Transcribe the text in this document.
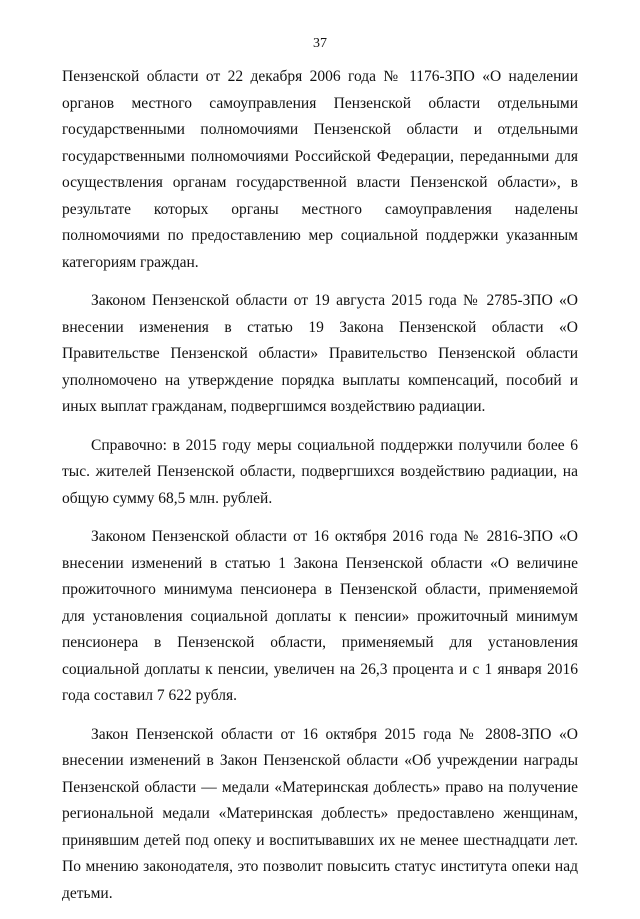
37

Пензенской области от 22 декабря 2006 года № 1176-ЗПО «О наделении органов местного самоуправления Пензенской области отдельными государственными полномочиями Пензенской области и отдельными государственными полномочиями Российской Федерации, переданными для осуществления органам государственной власти Пензенской области», в результате которых органы местного самоуправления наделены полномочиями по предоставлению мер социальной поддержки указанным категориям граждан.

Законом Пензенской области от 19 августа 2015 года № 2785-ЗПО «О внесении изменения в статью 19 Закона Пензенской области «О Правительстве Пензенской области» Правительство Пензенской области уполномочено на утверждение порядка выплаты компенсаций, пособий и иных выплат гражданам, подвергшимся воздействию радиации.

Справочно: в 2015 году меры социальной поддержки получили более 6 тыс. жителей Пензенской области, подвергшихся воздействию радиации, на общую сумму 68,5 млн. рублей.

Законом Пензенской области от 16 октября 2016 года № 2816-ЗПО «О внесении изменений в статью 1 Закона Пензенской области «О величине прожиточного минимума пенсионера в Пензенской области, применяемой для установления социальной доплаты к пенсии» прожиточный минимум пенсионера в Пензенской области, применяемый для установления социальной доплаты к пенсии, увеличен на 26,3 процента и с 1 января 2016 года составил 7 622 рубля.

Закон Пензенской области от 16 октября 2015 года № 2808-ЗПО «О внесении изменений в Закон Пензенской области «Об учреждении награды Пензенской области — медали «Материнская доблесть» право на получение региональной медали «Материнская доблесть» предоставлено женщинам, принявшим детей под опеку и воспитывавших их не менее шестнадцати лет. По мнению законодателя, это позволит повысить статус института опеки над детьми.
